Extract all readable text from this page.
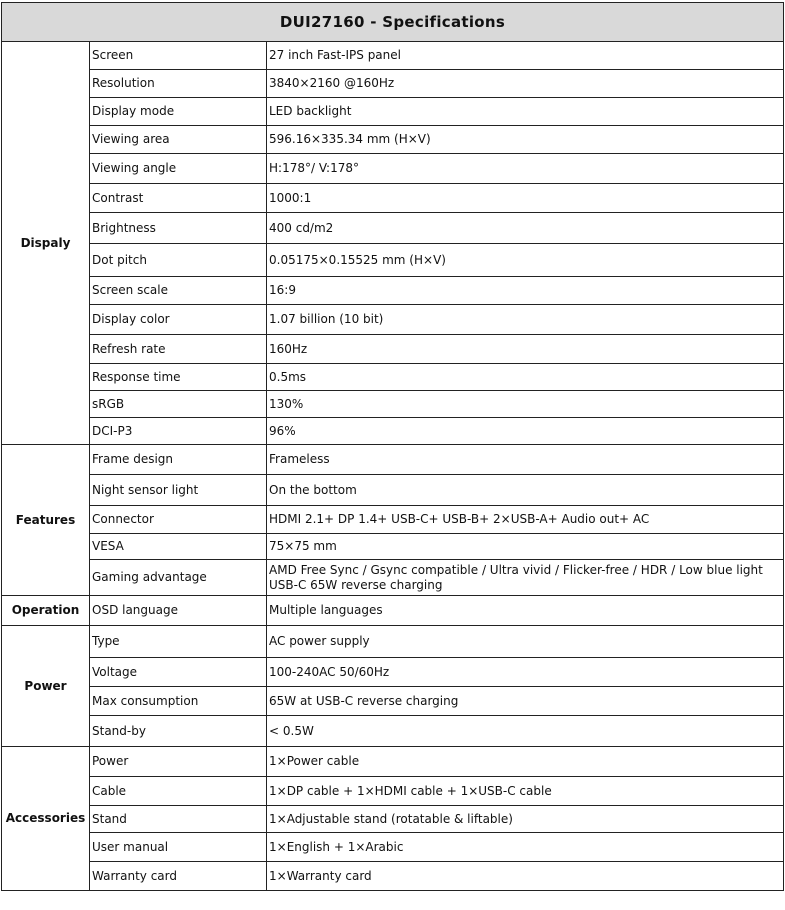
DUI27160 - Specifications		
Dispaly	Screen	27 inch Fast-IPS panel

	Resolution	3840×2160 @160Hz

	Display mode	LED backlight

	Viewing area	596.16×335.34 mm (H×V)

	Viewing angle	H:178°/ V:178°

	Contrast	1000:1

	Brightness	400 cd/m2

	Dot pitch	0.05175×0.15525 mm (H×V)

	Screen scale	16:9

	Display color	1.07 billion (10 bit)

	Refresh rate	160Hz

	Response time	0.5ms

	sRGB	130%

	DCI-P3	96%

Features	Frame design	Frameless

	Night sensor light	On the bottom

	Connector	HDMI 2.1+ DP 1.4+ USB-C+ USB-B+ 2×USB-A+ Audio out+ AC

	VESA	75×75 mm

	Gaming advantage	AMD Free Sync / Gsync compatible / Ultra vivid / Flicker-free / HDR / Low blue light
USB-C 65W reverse charging

Operation	OSD language	Multiple languages

Power	Type	AC power supply

	Voltage	100-240AC 50/60Hz

	Max consumption	65W at USB-C reverse charging

	Stand-by	< 0.5W

Accessories	Power	1×Power cable

	Cable	1×DP cable + 1×HDMI cable + 1×USB-C cable

	Stand	1×Adjustable stand (rotatable & liftable)

	User manual	1×English + 1×Arabic

	Warranty card	1×Warranty card
